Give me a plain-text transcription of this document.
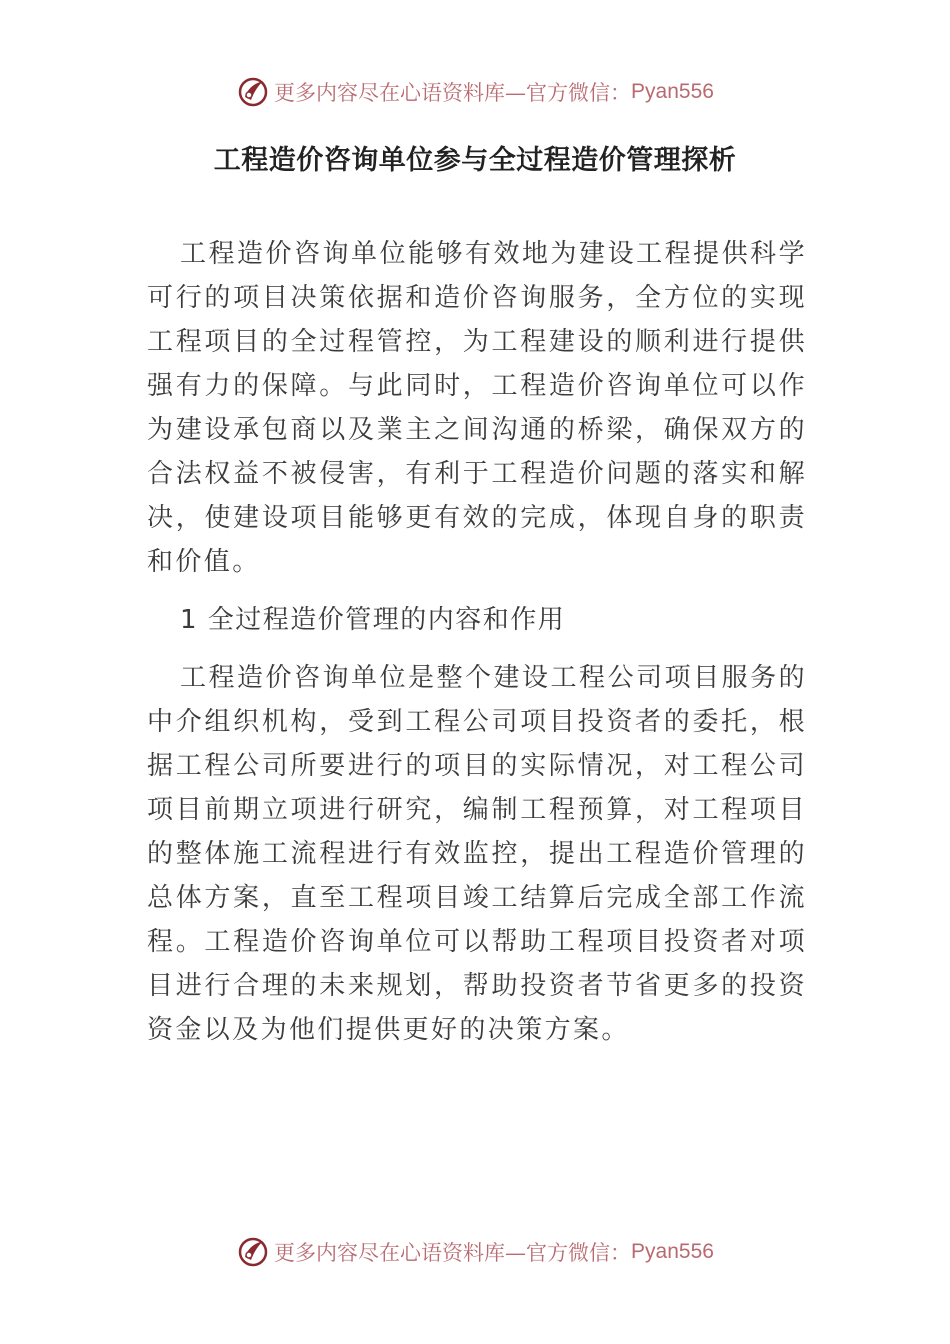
更多内容尽在心语资料库—官方微信： Pyan556
工程造价咨询单位参与全过程造价管理探析

工程造价咨询单位能够有效地为建设工程提供科学可行的项目决策依据和造价咨询服务，全方位的实现工程项目的全过程管控，为工程建设的顺利进行提供强有力的保障。与此同时，工程造价咨询单位可以作为建设承包商以及業主之间沟通的桥梁，确保双方的合法权益不被侵害，有利于工程造价问题的落实和解决，使建设项目能够更有效的完成，体现自身的职责和价值。

1 全过程造价管理的内容和作用

工程造价咨询单位是整个建设工程公司项目服务的中介组织机构，受到工程公司项目投资者的委托，根据工程公司所要进行的项目的实际情况，对工程公司项目前期立项进行研究，编制工程预算，对工程项目的整体施工流程进行有效监控，提出工程造价管理的总体方案，直至工程项目竣工结算后完成全部工作流程。工程造价咨询单位可以帮助工程项目投资者对项目进行合理的未来规划，帮助投资者节省更多的投资资金以及为他们提供更好的决策方案。

更多内容尽在心语资料库—官方微信： Pyan556
